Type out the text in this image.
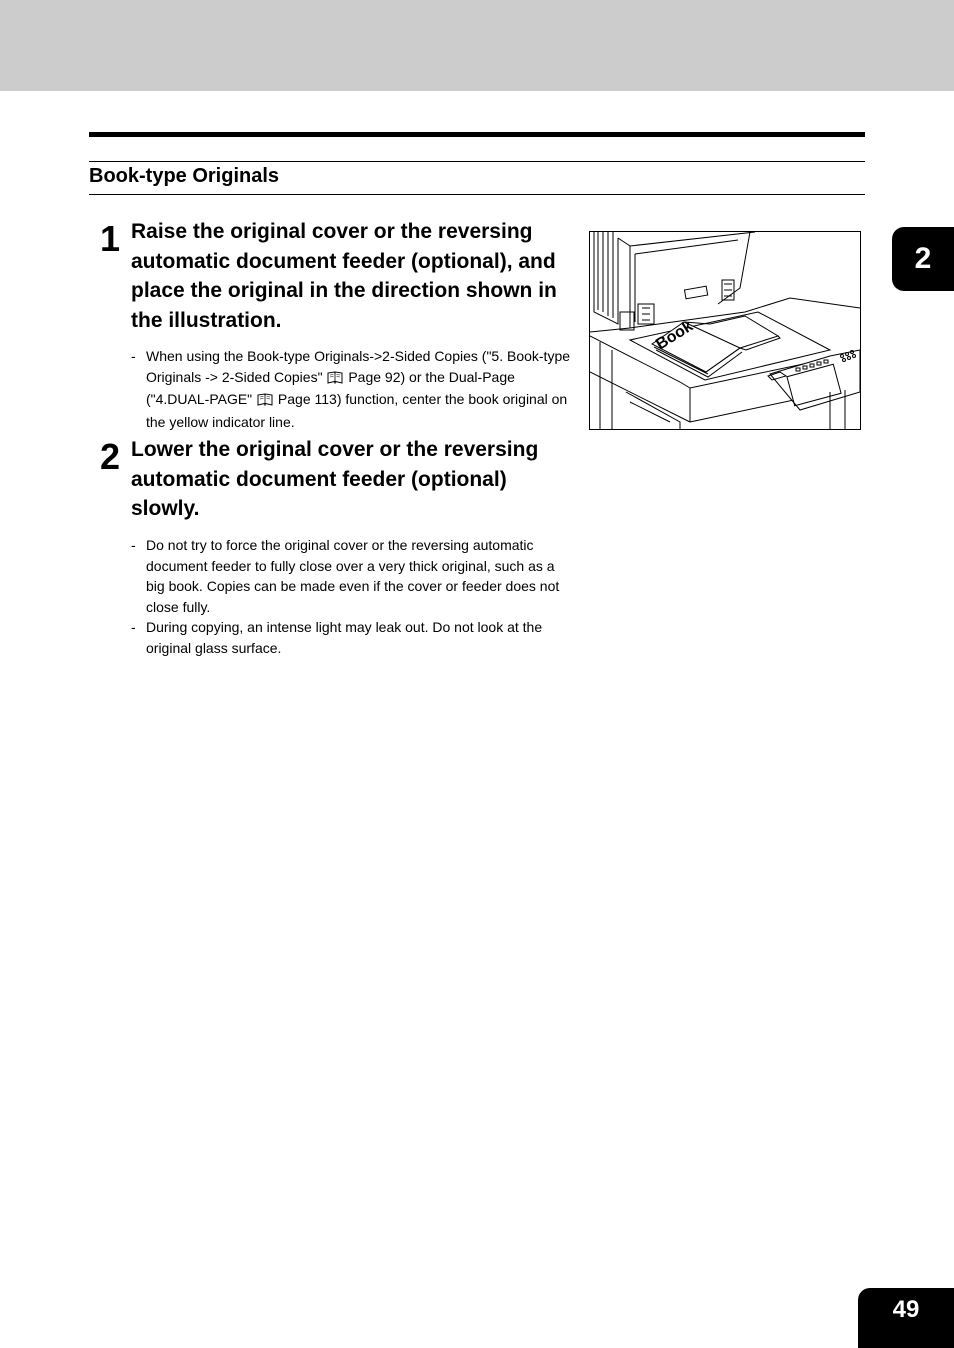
Book-type Originals
2
1 Raise the original cover or the reversing automatic document feeder (optional), and place the original in the direction shown in the illustration.
- When using the Book-type Originals->2-Sided Copies ("5. Book-type Originals -> 2-Sided Copies"  Page 92) or the Dual-Page ("4.DUAL-PAGE"  Page 113) function, center the book original on the yellow indicator line.
2 Lower the original cover or the reversing automatic document feeder (optional) slowly.
- Do not try to force the original cover or the reversing automatic document feeder to fully close over a very thick original, such as a big book. Copies can be made even if the cover or feeder does not close fully.
- During copying, an intense light may leak out. Do not look at the original glass surface.
Book
49
